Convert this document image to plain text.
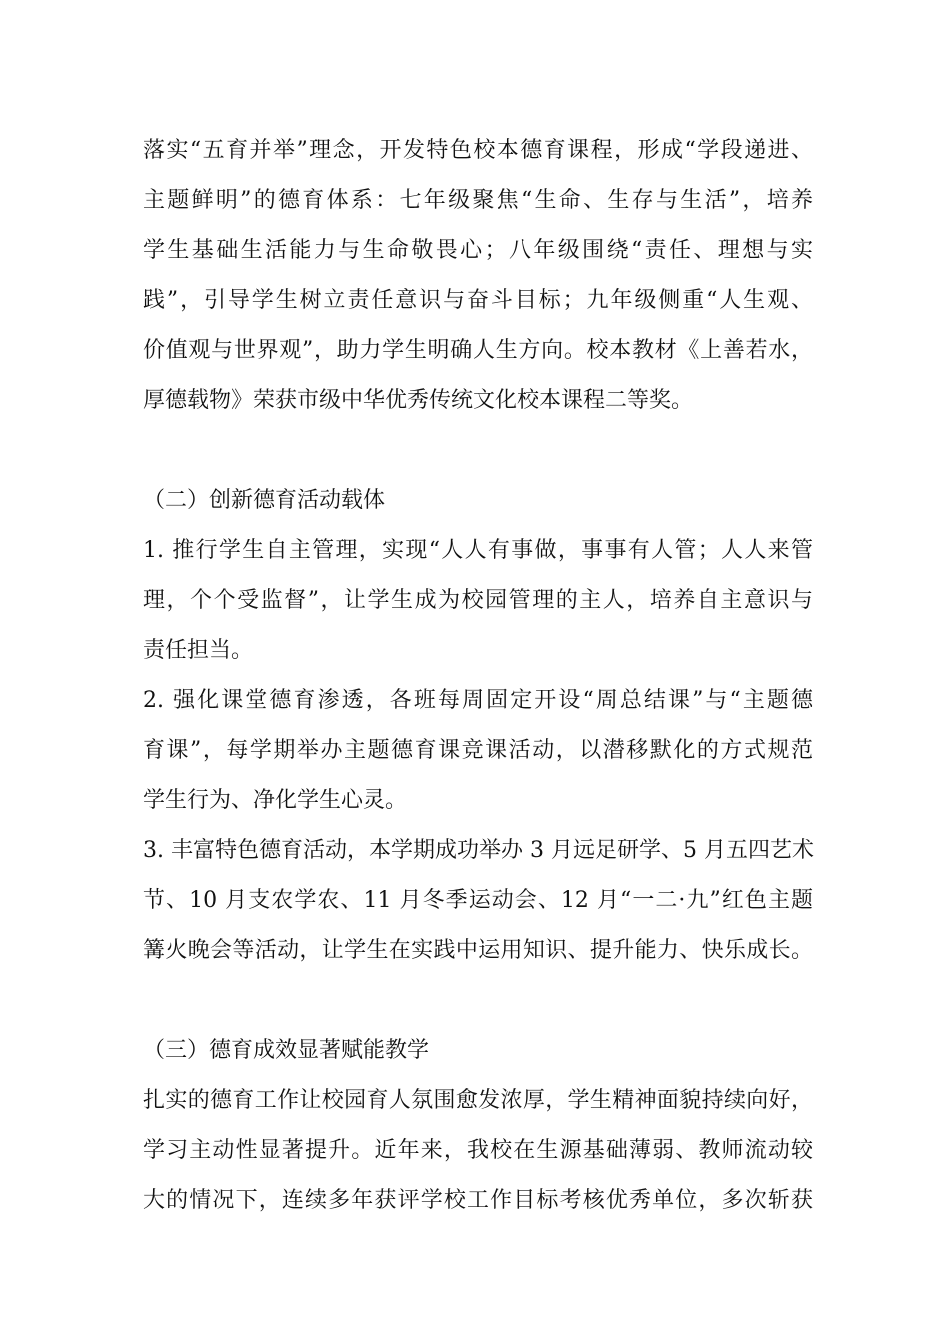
落实“五育并举”理念，开发特色校本德育课程，形成“学段递进、

主题鲜明”的德育体系：七年级聚焦“生命、生存与生活”，培养

学生基础生活能力与生命敬畏心；八年级围绕“责任、理想与实

践”，引导学生树立责任意识与奋斗目标；九年级侧重“人生观、

价值观与世界观”，助力学生明确人生方向。校本教材《上善若水，

厚德载物》荣获市级中华优秀传统文化校本课程二等奖。

（二）创新德育活动载体

1. 推行学生自主管理，实现“人人有事做，事事有人管；人人来管

理，个个受监督”，让学生成为校园管理的主人，培养自主意识与

责任担当。

2. 强化课堂德育渗透，各班每周固定开设“周总结课”与“主题德

育课”，每学期举办主题德育课竞课活动，以潜移默化的方式规范

学生行为、净化学生心灵。

3. 丰富特色德育活动，本学期成功举办 3 月远足研学、5 月五四艺术

节、10 月支农学农、11 月冬季运动会、12 月“一二·九”红色主题

篝火晚会等活动，让学生在实践中运用知识、提升能力、快乐成长。

（三）德育成效显著赋能教学

扎实的德育工作让校园育人氛围愈发浓厚，学生精神面貌持续向好，

学习主动性显著提升。近年来，我校在生源基础薄弱、教师流动较

大的情况下，连续多年获评学校工作目标考核优秀单位，多次斩获
